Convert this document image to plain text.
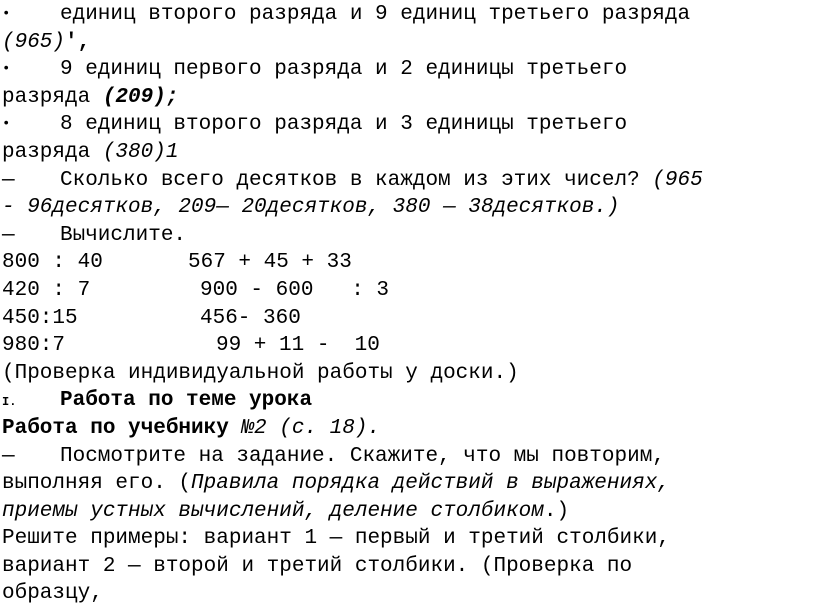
• единиц второго разряда и 9 единиц третьего разряда
(965)',
• 9 единиц первого разряда и 2 единицы третьего
разряда (209);
• 8 единиц второго разряда и 3 единицы третьего
разряда (380)1
— Сколько всего десятков в каждом из этих чисел? (965
- 96десятков, 209— 20десятков, 380 — 38десятков.)
— Вычислите.
800 : 40	567 + 45 + 33
420 : 7	900 - 600   : 3
450:15	456- 360
980:7	99 + 11 -  10
(Проверка индивидуальной работы у доски.)
I. Работа по теме урока
Работа по учебнику №2 (с. 18).
— Посмотрите на задание. Скажите, что мы повторим,
выполняя его. (Правила порядка действий в выражениях,
приемы устных вычислений, деление столбиком.)
Решите примеры: вариант 1 — первый и третий столбики,
вариант 2 — второй и третий столбики. (Проверка по
образцу,
